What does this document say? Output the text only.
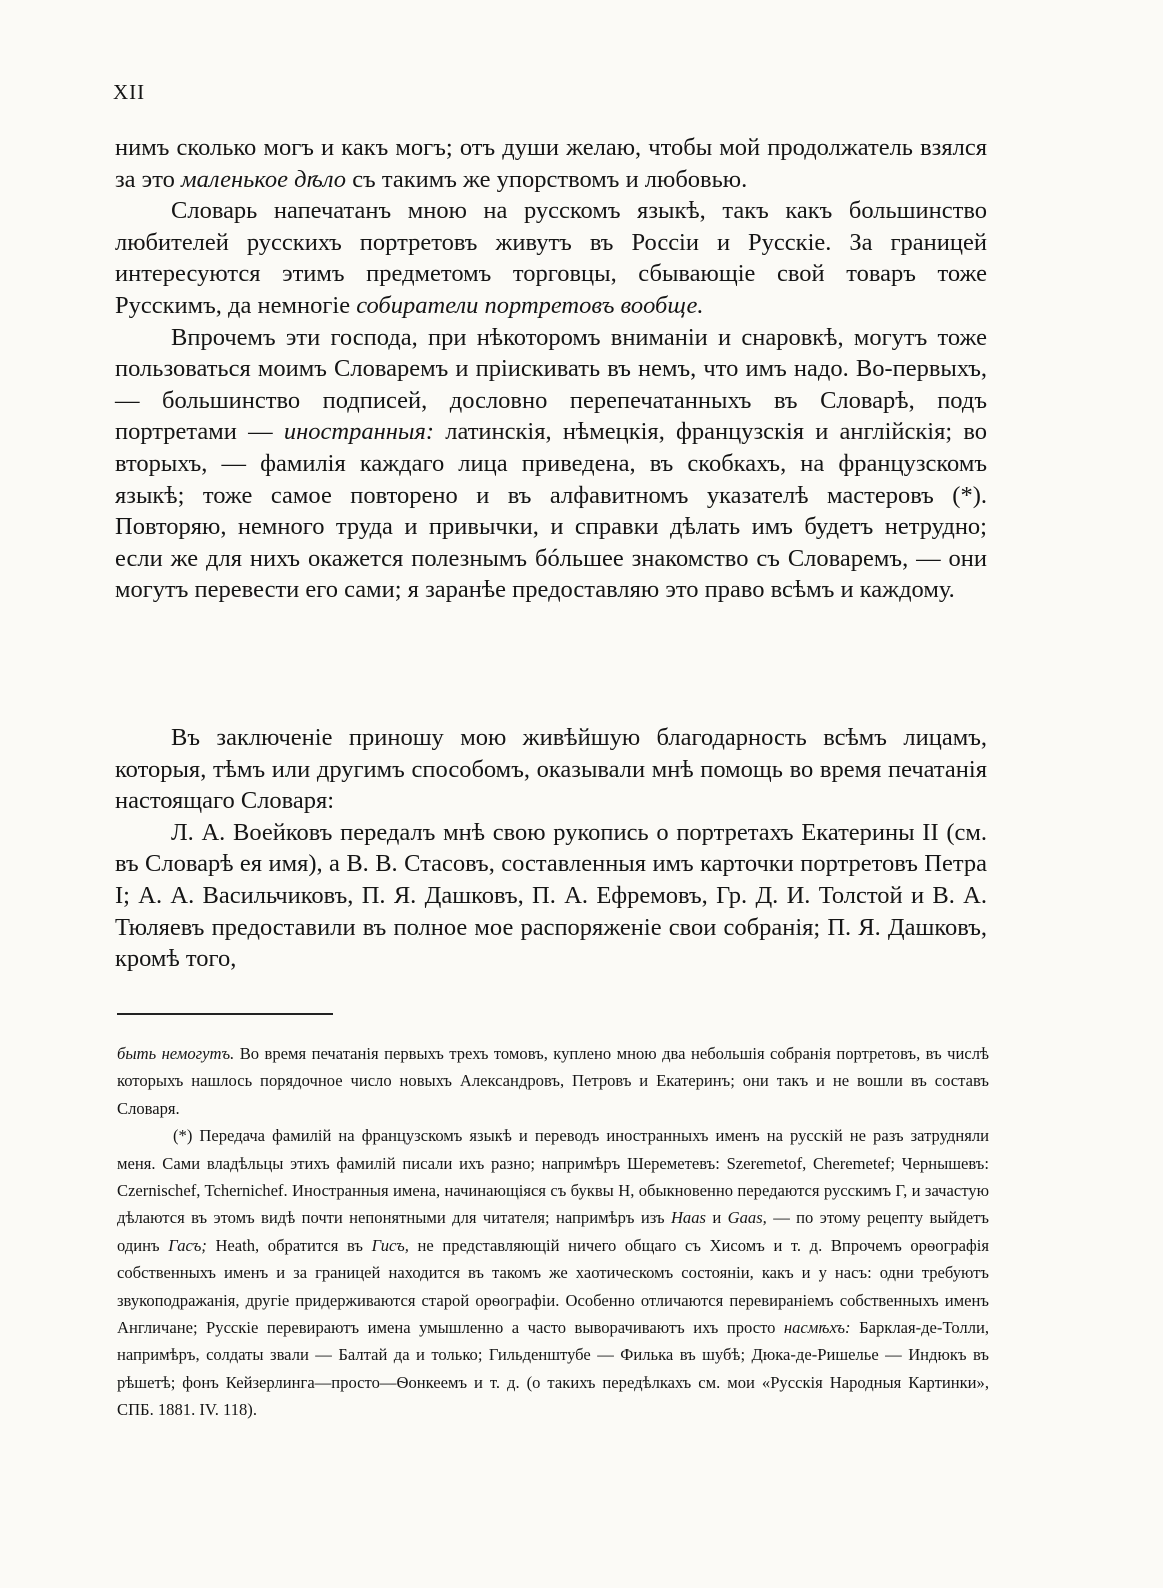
XII

нимъ сколько могъ и какъ могъ; отъ души желаю, чтобы мой продолжатель взялся за это маленькое дѣло съ такимъ же упорствомъ и любовью.

Словарь напечатанъ мною на русскомъ языкѣ, такъ какъ большинство любителей русскихъ портретовъ живутъ въ Россіи и Русскіе. За границей интересуются этимъ предметомъ торговцы, сбывающіе свой товаръ тоже Русскимъ, да немногіе собиратели портретовъ вообще.

Впрочемъ эти господа, при нѣкоторомъ вниманіи и снаровкѣ, могутъ тоже пользоваться моимъ Словаремъ и пріискивать въ немъ, что имъ надо. Во-первыхъ, — большинство подписей, дословно перепечатанныхъ въ Словарѣ, подъ портретами — иностранныя: латинскія, нѣмецкія, французскія и англійскія; во вторыхъ, — фамилія каждаго лица приведена, въ скобкахъ, на французскомъ языкѣ; тоже самое повторено и въ алфавитномъ указателѣ мастеровъ (*). Повторяю, немного труда и привычки, и справки дѣлать имъ будетъ нетрудно; если же для нихъ окажется полезнымъ бóльшее знакомство съ Словаремъ, — они могутъ перевести его сами; я заранѣе предоставляю это право всѣмъ и каждому.

Въ заключеніе приношу мою живѣйшую благодарность всѣмъ лицамъ, которыя, тѣмъ или другимъ способомъ, оказывали мнѣ помощь во время печатанія настоящаго Словаря:

Л. А. Воейковъ передалъ мнѣ свою рукопись о портретахъ Екатерины II (см. въ Словарѣ ея имя), а В. В. Стасовъ, составленныя имъ карточки портретовъ Петра I; А. А. Васильчиковъ, П. Я. Дашковъ, П. А. Ефремовъ, Гр. Д. И. Толстой и В. А. Тюляевъ предоставили въ полное мое распоряженіе свои собранія; П. Я. Дашковъ, кромѣ того,

быть немогутъ. Во время печатанія первыхъ трехъ томовъ, куплено мною два небольшія собранія портретовъ, въ числѣ которыхъ нашлось порядочное число новыхъ Александровъ, Петровъ и Екатеринъ; они такъ и не вошли въ составъ Словаря.

(*) Передача фамилій на французскомъ языкѣ и переводъ иностранныхъ именъ на русскій не разъ затрудняли меня. Сами владѣльцы этихъ фамилій писали ихъ разно; напримѣръ Шереметевъ: Szeremetof, Cheremetef; Чернышевъ: Czernischef, Tchernichef. Иностранныя имена, начинающіяся съ буквы H, обыкновенно передаются русскимъ Г, и зачастую дѣлаются въ этомъ видѣ почти непонятными для читателя; напримѣръ изъ Haas и Gaas, — по этому рецепту выйдетъ одинъ Гасъ; Heath, обратится въ Гисъ, не представляющій ничего общаго съ Хисомъ и т. д. Впрочемъ орѳографія собственныхъ именъ и за границей находится въ такомъ же хаотическомъ состояніи, какъ и у насъ: одни требуютъ звукоподражанія, другіе придерживаются старой орѳографіи. Особенно отличаются перевираніемъ собственныхъ именъ Англичане; Русскіе перевираютъ имена умышленно а часто выворачиваютъ ихъ просто насмѣхъ: Барклая-де-Толли, напримѣръ, солдаты звали — Балтай да и только; Гильденштубе — Филька въ шубѣ; Дюка-де-Ришелье — Индюкъ въ рѣшетѣ; фонъ Кейзерлинга—просто—Ѳонкеемъ и т. д. (о такихъ передѣлкахъ см. мои «Русскія Народныя Картинки», СПБ. 1881. IV. 118).
